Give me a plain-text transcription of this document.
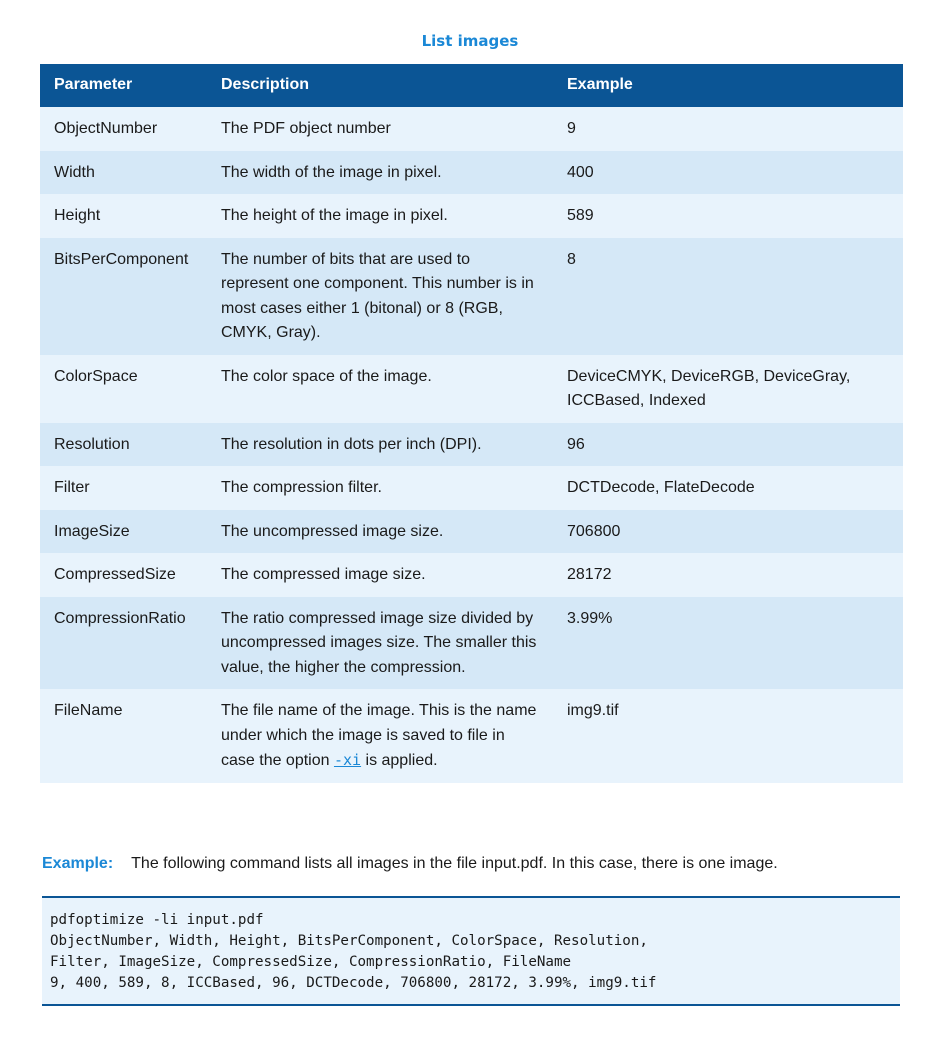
List images
Parameter	Description	Example
ObjectNumber	The PDF object number	9
Width	The width of the image in pixel.	400
Height	The height of the image in pixel.	589
BitsPerComponent	The number of bits that are used to represent one component. This number is in most cases either 1 (bitonal) or 8 (RGB, CMYK, Gray).	8
ColorSpace	The color space of the image.	DeviceCMYK, DeviceRGB, DeviceGray, ICCBased, Indexed
Resolution	The resolution in dots per inch (DPI).	96
Filter	The compression filter.	DCTDecode, FlateDecode
ImageSize	The uncompressed image size.	706800
CompressedSize	The compressed image size.	28172
CompressionRatio	The ratio compressed image size divided by uncompressed images size. The smaller this value, the higher the compression.	3.99%
FileName	The file name of the image. This is the name under which the image is saved to file in case the option -xi is applied.	img9.tif
Example: The following command lists all images in the file input.pdf. In this case, there is one image.
pdfoptimize -li input.pdf
ObjectNumber, Width, Height, BitsPerComponent, ColorSpace, Resolution,
Filter, ImageSize, CompressedSize, CompressionRatio, FileName
9, 400, 589, 8, ICCBased, 96, DCTDecode, 706800, 28172, 3.99%, img9.tif
